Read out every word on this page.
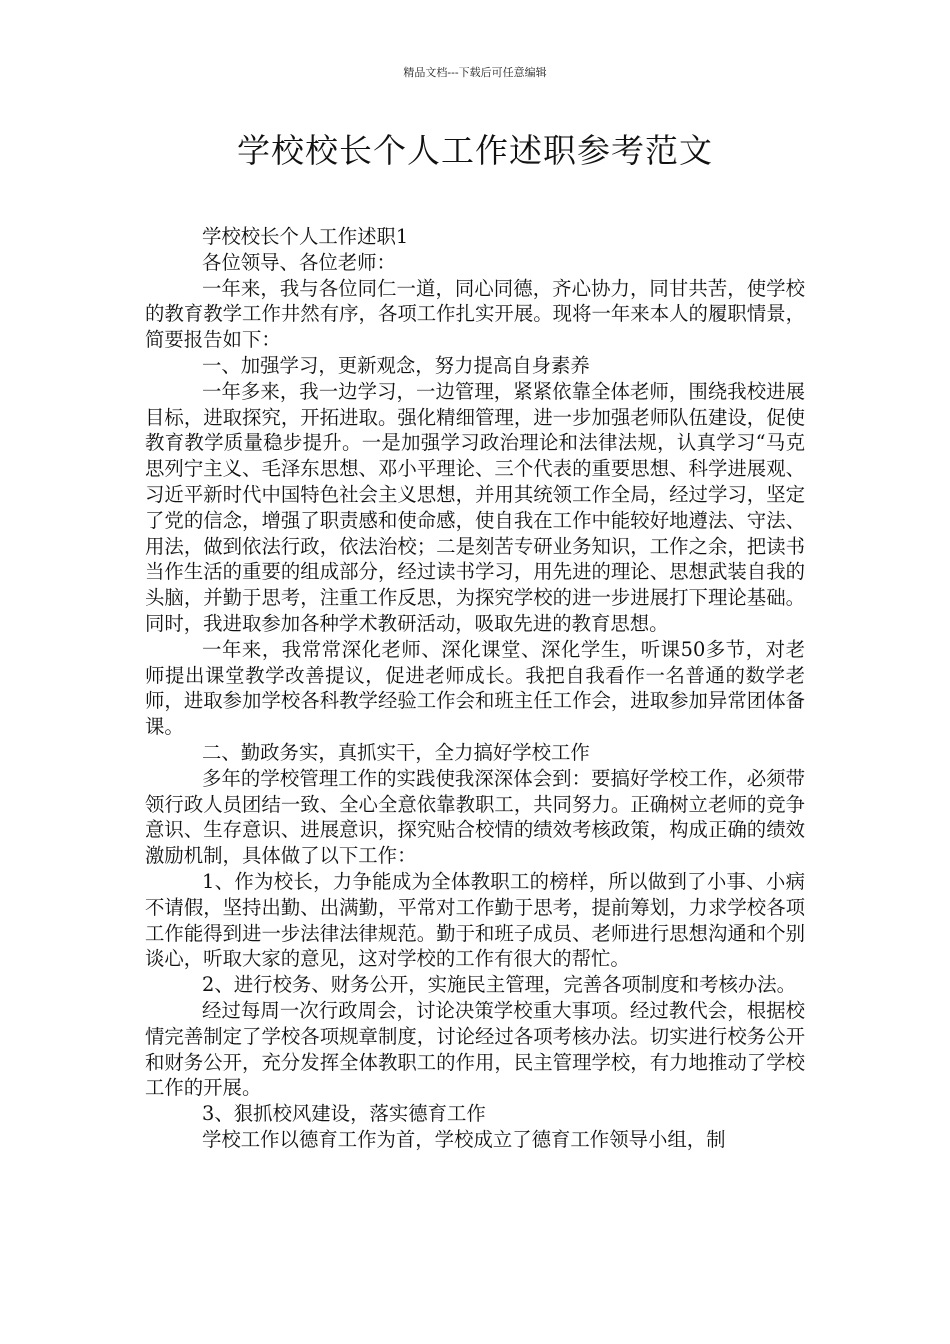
精品文档---下载后可任意编辑
学校校长个人工作述职参考范文

学校校长个人工作述职1

各位领导、各位老师：

一年来，我与各位同仁一道，同心同德，齐心协力，同甘共苦，使学校的教育教学工作井然有序，各项工作扎实开展。现将一年来本人的履职情景，简要报告如下：

一、加强学习，更新观念，努力提高自身素养

一年多来，我一边学习，一边管理，紧紧依靠全体老师，围绕我校进展目标，进取探究，开拓进取。强化精细管理，进一步加强老师队伍建设，促使教育教学质量稳步提升。一是加强学习政治理论和法律法规，认真学习“马克思列宁主义、毛泽东思想、邓小平理论、三个代表的重要思想、科学进展观、习近平新时代中国特色社会主义思想，并用其统领工作全局，经过学习，坚定了党的信念，增强了职责感和使命感，使自我在工作中能较好地遵法、守法、用法，做到依法行政，依法治校；二是刻苦专研业务知识，工作之余，把读书当作生活的重要的组成部分，经过读书学习，用先进的理论、思想武装自我的头脑，并勤于思考，注重工作反思，为探究学校的进一步进展打下理论基础。同时，我进取参加各种学术教研活动，吸取先进的教育思想。

一年来，我常常深化老师、深化课堂、深化学生，听课50多节，对老师提出课堂教学改善提议，促进老师成长。我把自我看作一名普通的数学老师，进取参加学校各科教学经验工作会和班主任工作会，进取参加异常团体备课。

二、勤政务实，真抓实干，全力搞好学校工作

多年的学校管理工作的实践使我深深体会到：要搞好学校工作，必须带领行政人员团结一致、全心全意依靠教职工，共同努力。正确树立老师的竞争意识、生存意识、进展意识，探究贴合校情的绩效考核政策，构成正确的绩效激励机制，具体做了以下工作：

1、作为校长，力争能成为全体教职工的榜样，所以做到了小事、小病不请假，坚持出勤、出满勤，平常对工作勤于思考，提前筹划，力求学校各项工作能得到进一步法律法律规范。勤于和班子成员、老师进行思想沟通和个别谈心，听取大家的意见，这对学校的工作有很大的帮忙。

2、进行校务、财务公开，实施民主管理，完善各项制度和考核办法。

经过每周一次行政周会，讨论决策学校重大事项。经过教代会，根据校情完善制定了学校各项规章制度，讨论经过各项考核办法。切实进行校务公开和财务公开，充分发挥全体教职工的作用，民主管理学校，有力地推动了学校工作的开展。

3、狠抓校风建设，落实德育工作

学校工作以德育工作为首，学校成立了德育工作领导小组，制
